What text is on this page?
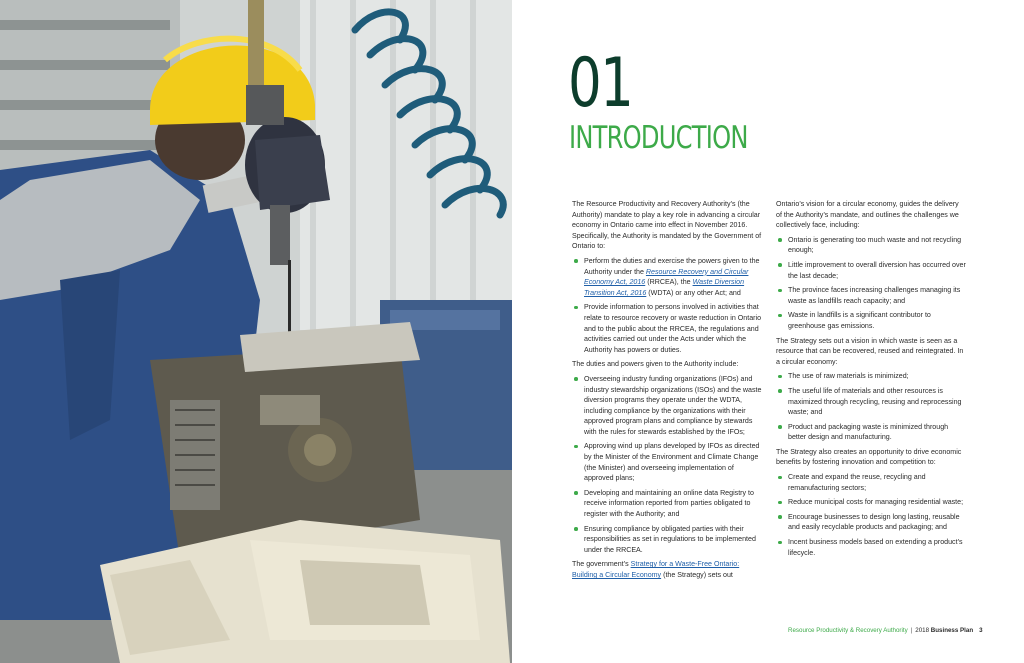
01
INTRODUCTION

The Resource Productivity and Recovery Authority’s (the Authority) mandate to play a key role in advancing a circular economy in Ontario came into effect in November 2016. Specifically, the Authority is mandated by the Government of Ontario to:

Perform the duties and exercise the powers given to the Authority under the Resource Recovery and Circular Economy Act, 2016 (RRCEA), the Waste Diversion Transition Act, 2016 (WDTA) or any other Act; and
Provide information to persons involved in activities that relate to resource recovery or waste reduction in Ontario and to the public about the RRCEA, the regulations and activities carried out under the Acts under which the Authority has powers or duties.

The duties and powers given to the Authority include:

Overseeing industry funding organizations (IFOs) and industry stewardship organizations (ISOs) and the waste diversion programs they operate under the WDTA, including compliance by the organizations with their approved program plans and compliance by stewards with the rules for stewards established by the IFOs;
Approving wind up plans developed by IFOs as directed by the Minister of the Environment and Climate Change (the Minister) and overseeing implementation of approved plans;
Developing and maintaining an online data Registry to receive information reported from parties obligated to register with the Authority; and
Ensuring compliance by obligated parties with their responsibilities as set in regulations to be implemented under the RRCEA.

The government’s Strategy for a Waste-Free Ontario: Building a Circular Economy (the Strategy) sets out

Ontario’s vision for a circular economy, guides the delivery of the Authority’s mandate, and outlines the challenges we collectively face, including:

Ontario is generating too much waste and not recycling enough;
Little improvement to overall diversion has occurred over the last decade;
The province faces increasing challenges managing its waste as landfills reach capacity; and
Waste in landfills is a significant contributor to greenhouse gas emissions.

The Strategy sets out a vision in which waste is seen as a resource that can be recovered, reused and reintegrated. In a circular economy:

The use of raw materials is minimized;
The useful life of materials and other resources is maximized through recycling, reusing and reprocessing waste; and
Product and packaging waste is minimized through better design and manufacturing.

The Strategy also creates an opportunity to drive economic benefits by fostering innovation and competition to:

Create and expand the reuse, recycling and remanufacturing sectors;
Reduce municipal costs for managing residential waste;
Encourage businesses to design long lasting, reusable and easily recyclable products and packaging; and
Incent business models based on extending a product’s lifecycle.
Resource Productivity & Recovery Authority | 2018 Business Plan 3
